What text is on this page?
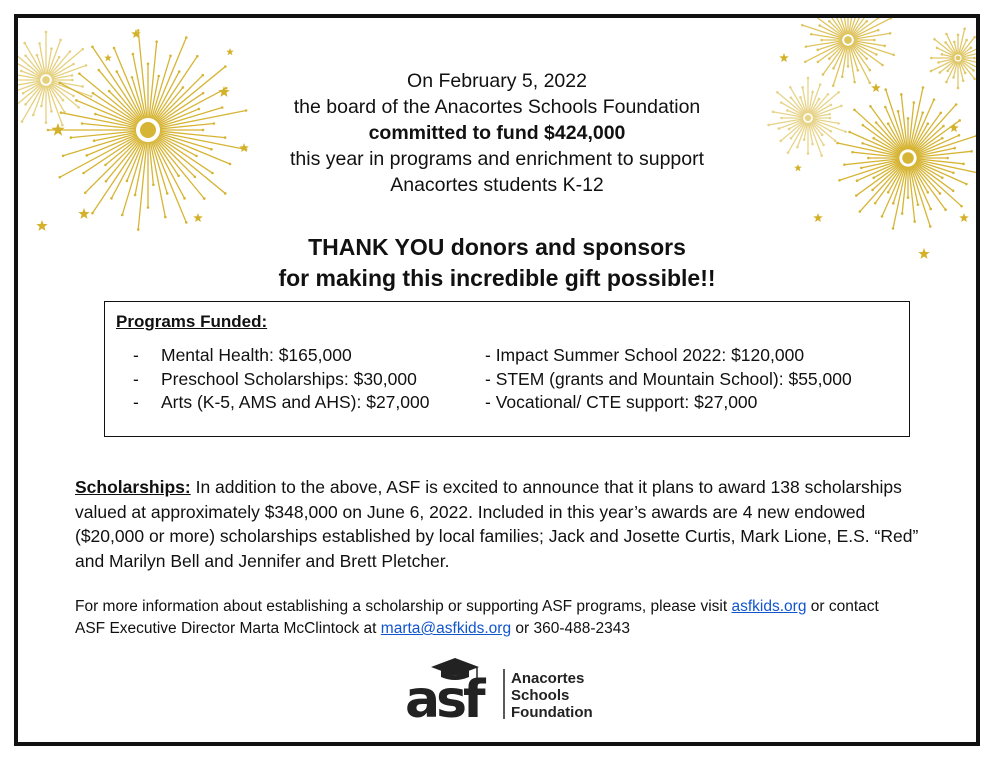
On February 5, 2022
the board of the Anacortes Schools Foundation
committed to fund $424,000
this year in programs and enrichment to support
Anacortes students K-12
THANK YOU donors and sponsors
for making this incredible gift possible!!
Programs Funded:
- Mental Health: $165,000
- Preschool Scholarships: $30,000
- Arts (K-5, AMS and AHS): $27,000
- Impact Summer School 2022: $120,000
- STEM (grants and Mountain School): $55,000
- Vocational/ CTE support: $27,000
Scholarships: In addition to the above, ASF is excited to announce that it plans to award 138 scholarships valued at approximately $348,000 on June 6, 2022. Included in this year’s awards are 4 new endowed ($20,000 or more) scholarships established by local families; Jack and Josette Curtis, Mark Lione, E.S. “Red” and Marilyn Bell and Jennifer and Brett Pletcher.
For more information about establishing a scholarship or supporting ASF programs, please visit asfkids.org or contact
ASF Executive Director Marta McClintock at marta@asfkids.org or 360-488-2343
asf	Anacortes
Schools
Foundation
